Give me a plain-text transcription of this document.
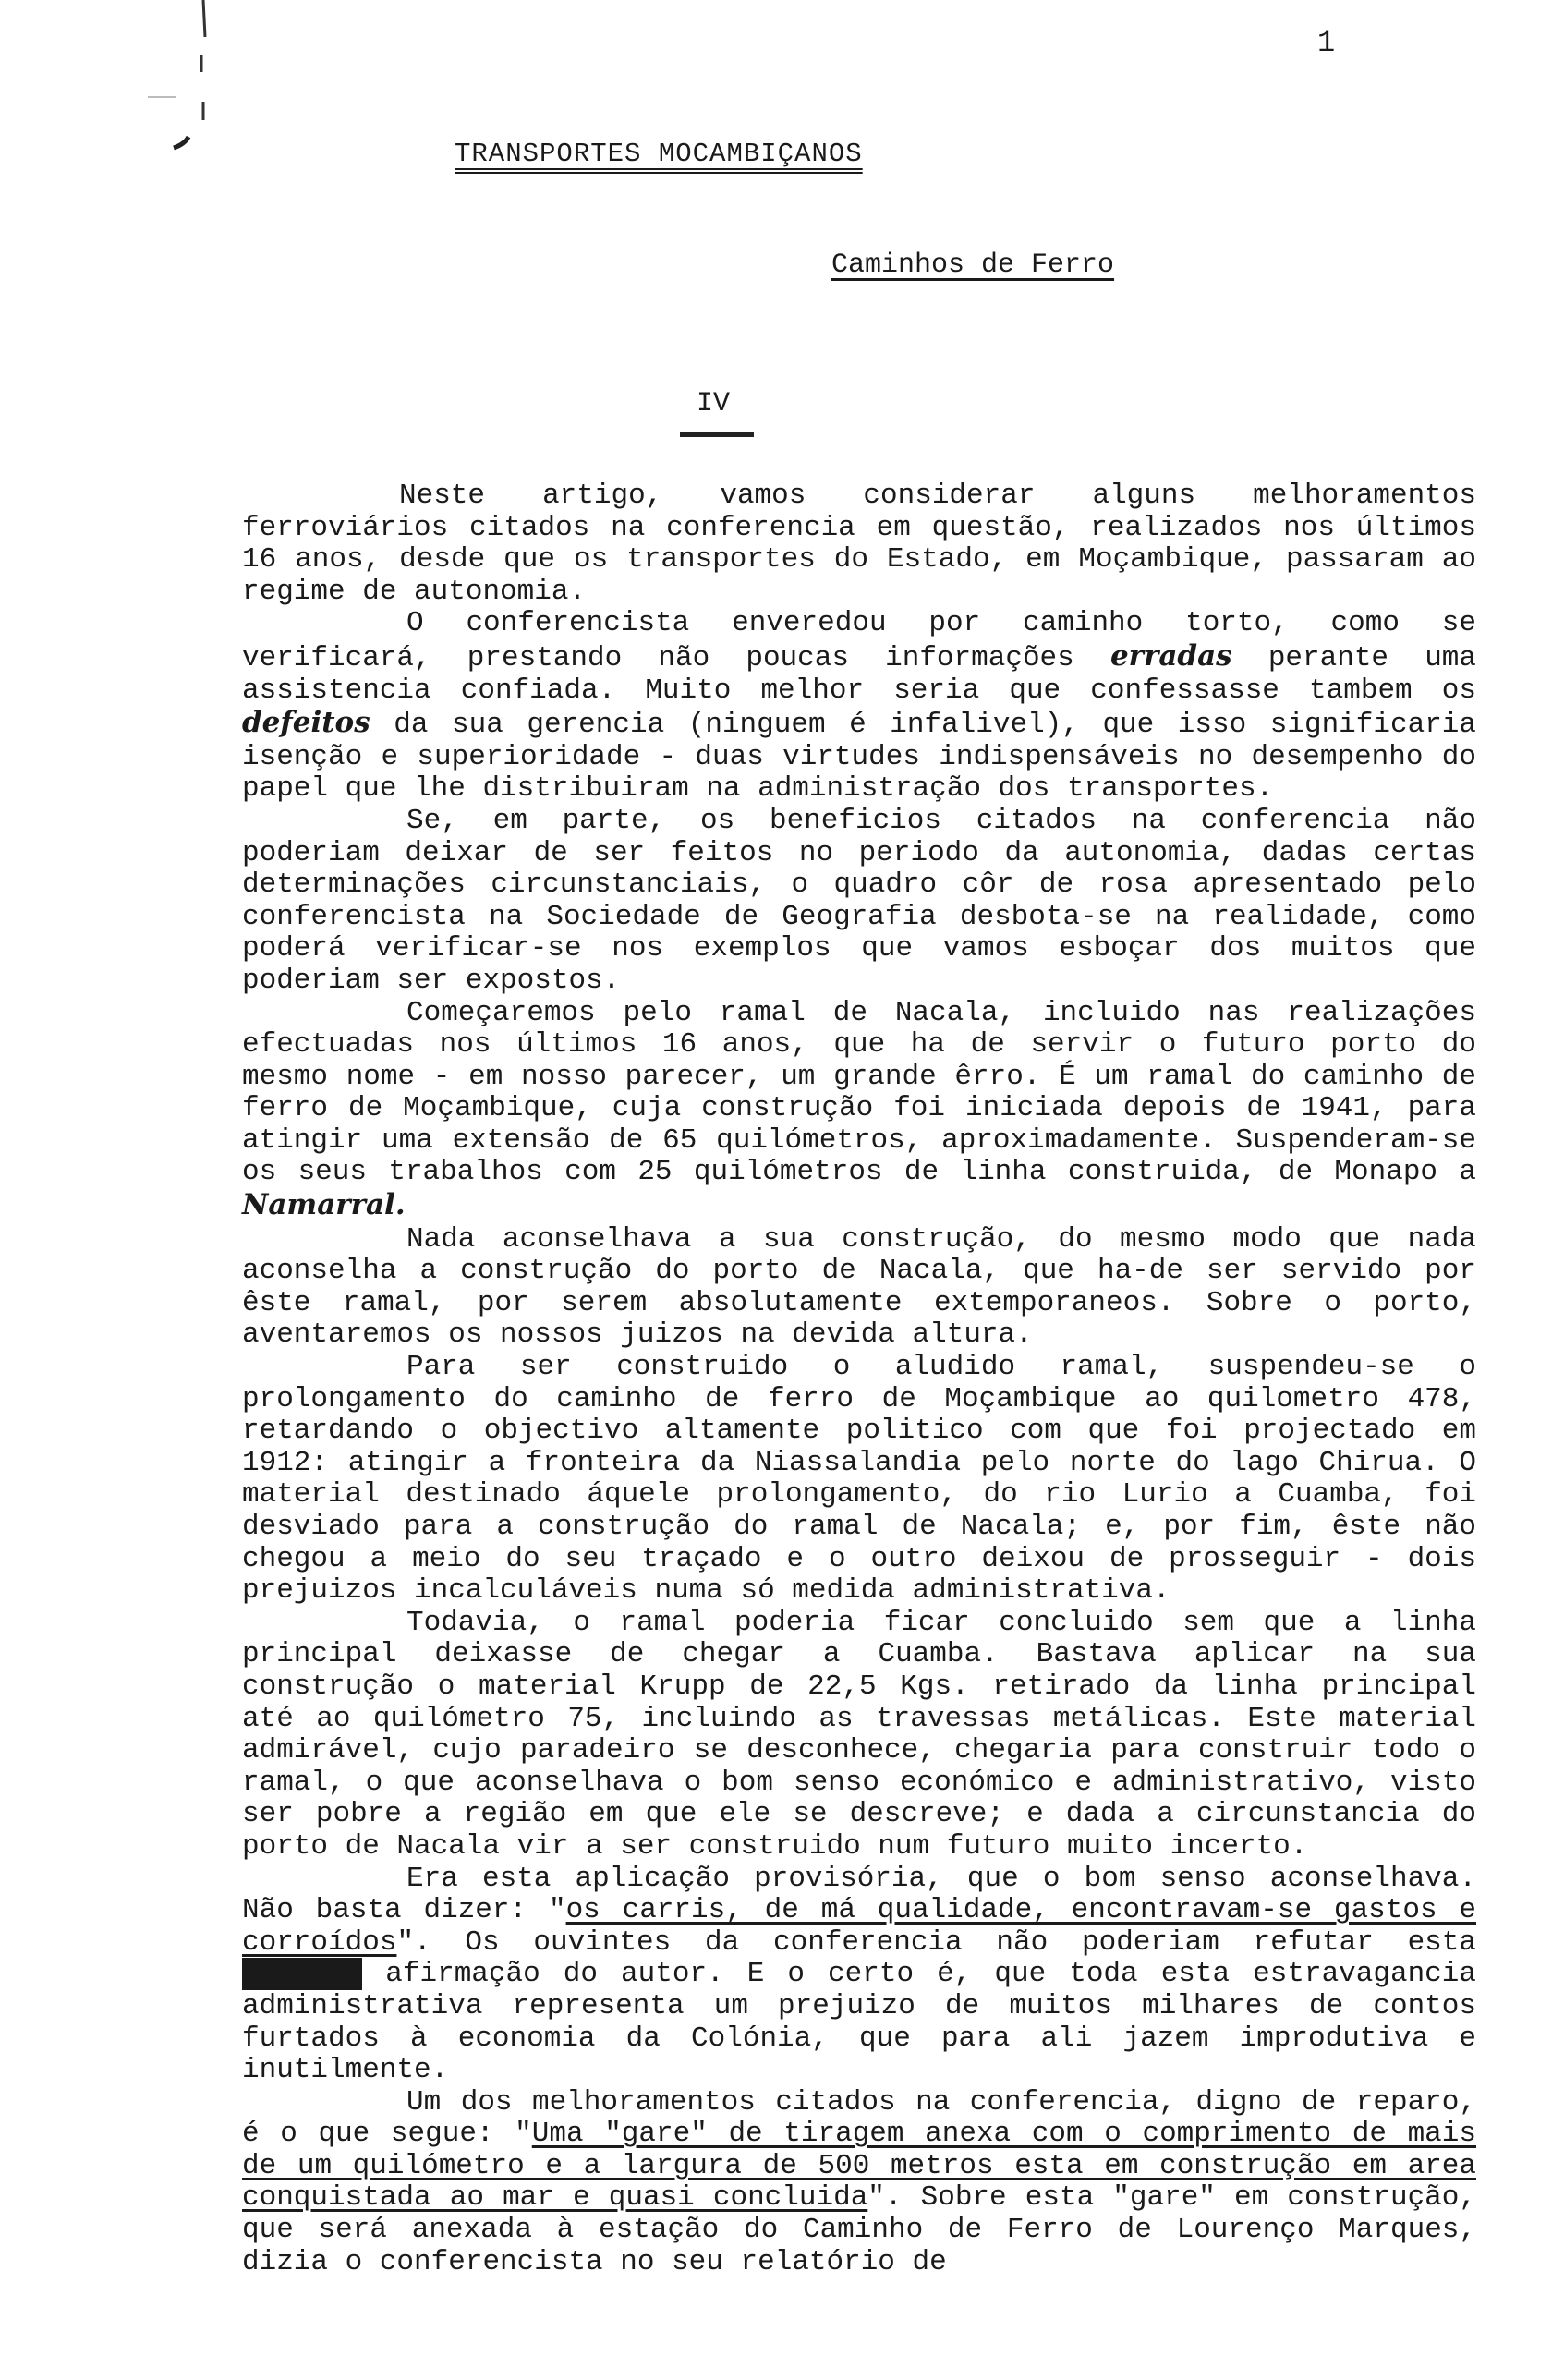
1
TRANSPORTES MOCAMBIÇANOS
Caminhos de Ferro
IV

Neste artigo, vamos considerar alguns melhoramentos ferroviários citados na conferencia em questão, realizados nos últimos 16 anos, desde que os transportes do Estado, em Moçambique, passaram ao regime de autonomia.

O conferencista enveredou por caminho torto, como se verificará, prestando não poucas informações erradas perante uma assistencia confiada. Muito melhor seria que confessasse tambem os defeitos da sua gerencia (ninguem é infalivel), que isso significaria isenção e superioridade - duas virtudes indispensáveis no desempenho do papel que lhe distribuiram na administração dos transportes.

Se, em parte, os beneficios citados na conferencia não poderiam deixar de ser feitos no periodo da autonomia, dadas certas determinações circunstanciais, o quadro côr de rosa apresentado pelo conferencista na Sociedade de Geografia desbota-se na realidade, como poderá verificar-se nos exemplos que vamos esboçar dos muitos que poderiam ser expostos.

Começaremos pelo ramal de Nacala, incluido nas realizações efectuadas nos últimos 16 anos, que ha de servir o futuro porto do mesmo nome - em nosso parecer, um grande êrro. É um ramal do caminho de ferro de Moçambique, cuja construção foi iniciada depois de 1941, para atingir uma extensão de 65 quilómetros, aproximadamente. Suspenderam-se os seus trabalhos com 25 quilómetros de linha construida, de Monapo a Namarral.

Nada aconselhava a sua construção, do mesmo modo que nada aconselha a construção do porto de Nacala, que ha-de ser servido por êste ramal, por serem absolutamente extemporaneos. Sobre o porto, aventaremos os nossos juizos na devida altura.

Para ser construido o aludido ramal, suspendeu-se o prolongamento do caminho de ferro de Moçambique ao quilometro 478, retardando o objectivo altamente politico com que foi projectado em 1912: atingir a fronteira da Niassalandia pelo norte do lago Chirua. O material destinado áquele prolongamento, do rio Lurio a Cuamba, foi desviado para a construção do ramal de Nacala; e, por fim, êste não chegou a meio do seu traçado e o outro deixou de prosseguir - dois prejuizos incalculáveis numa só medida administrativa.

Todavia, o ramal poderia ficar concluido sem que a linha principal deixasse de chegar a Cuamba. Bastava aplicar na sua construção o material Krupp de 22,5 Kgs. retirado da linha principal até ao quilómetro 75, incluindo as travessas metálicas. Este material admirável, cujo paradeiro se desconhece, chegaria para construir todo o ramal, o que aconselhava o bom senso económico e administrativo, visto ser pobre a região em que ele se descreve; e dada a circunstancia do porto de Nacala vir a ser construido num futuro muito incerto.

Era esta aplicação provisória, que o bom senso aconselhava. Não basta dizer: "os carris, de má qualidade, encontravam-se gastos e corroídos". Os ouvintes da conferencia não poderiam refutar esta xxxxxxx afirmação do autor. E o certo é, que toda esta estravagancia administrativa representa um prejuizo de muitos milhares de contos furtados à economia da Colónia, que para ali jazem improdutiva e inutilmente.

Um dos melhoramentos citados na conferencia, digno de reparo, é o que segue: "Uma "gare" de tiragem anexa com o comprimento de mais de um quilómetro e a largura de 500 metros esta em construção em area conquistada ao mar e quasi concluida". Sobre esta "gare" em construção, que será anexada à estação do Caminho de Ferro de Lourenço Marques, dizia o conferencista no seu relatório de
